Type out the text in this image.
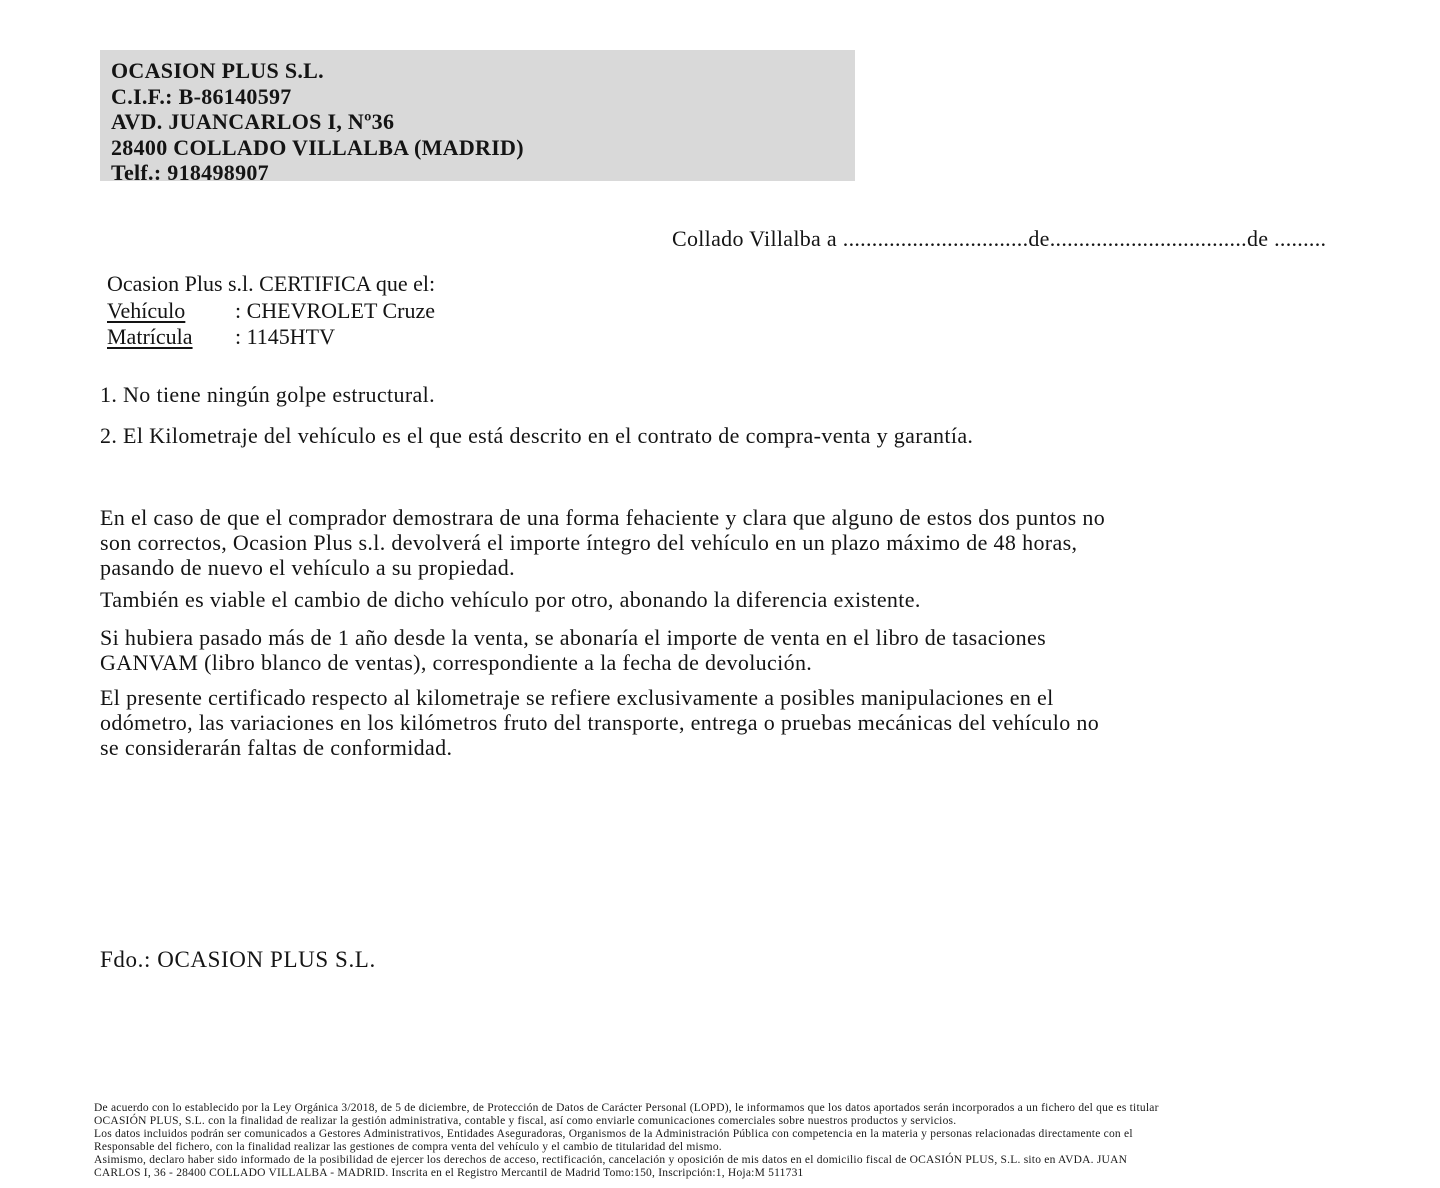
OCASION PLUS S.L.
C.I.F.: B-86140597
AVD. JUANCARLOS I, Nº36
28400 COLLADO VILLALBA (MADRID)
Telf.: 918498907
Collado Villalba a ................................de..................................de .........
Ocasion Plus s.l. CERTIFICA que el:
Vehículo : CHEVROLET Cruze
Matrícula : 1145HTV
1. No tiene ningún golpe estructural.
2. El Kilometraje del vehículo es el que está descrito en el contrato de compra-venta y garantía.
En el caso de que el comprador demostrara de una forma fehaciente y clara que alguno de estos dos puntos no
son correctos, Ocasion Plus s.l. devolverá el importe íntegro del vehículo en un plazo máximo de 48 horas,
pasando de nuevo el vehículo a su propiedad.
También es viable el cambio de dicho vehículo por otro, abonando la diferencia existente.
Si hubiera pasado más de 1 año desde la venta, se abonaría el importe de venta en el libro de tasaciones
GANVAM (libro blanco de ventas), correspondiente a la fecha de devolución.
El presente certificado respecto al kilometraje se refiere exclusivamente a posibles manipulaciones en el
odómetro, las variaciones en los kilómetros fruto del transporte, entrega o pruebas mecánicas del vehículo no
se considerarán faltas de conformidad.
Fdo.: OCASION PLUS S.L.
De acuerdo con lo establecido por la Ley Orgánica 3/2018, de 5 de diciembre, de Protección de Datos de Carácter Personal (LOPD), le informamos que los datos aportados serán incorporados a un fichero del que es titular
OCASIÓN PLUS, S.L. con la finalidad de realizar la gestión administrativa, contable y fiscal, así como enviarle comunicaciones comerciales sobre nuestros productos y servicios.
Los datos incluidos podrán ser comunicados a Gestores Administrativos, Entidades Aseguradoras, Organismos de la Administración Pública con competencia en la materia y personas relacionadas directamente con el
Responsable del fichero, con la finalidad realizar las gestiones de compra venta del vehículo y el cambio de titularidad del mismo.
Asimismo, declaro haber sido informado de la posibilidad de ejercer los derechos de acceso, rectificación, cancelación y oposición de mis datos en el domicilio fiscal de OCASIÓN PLUS, S.L. sito en AVDA. JUAN
CARLOS I, 36 - 28400 COLLADO VILLALBA - MADRID. Inscrita en el Registro Mercantil de Madrid Tomo:150, Inscripción:1, Hoja:M 511731
